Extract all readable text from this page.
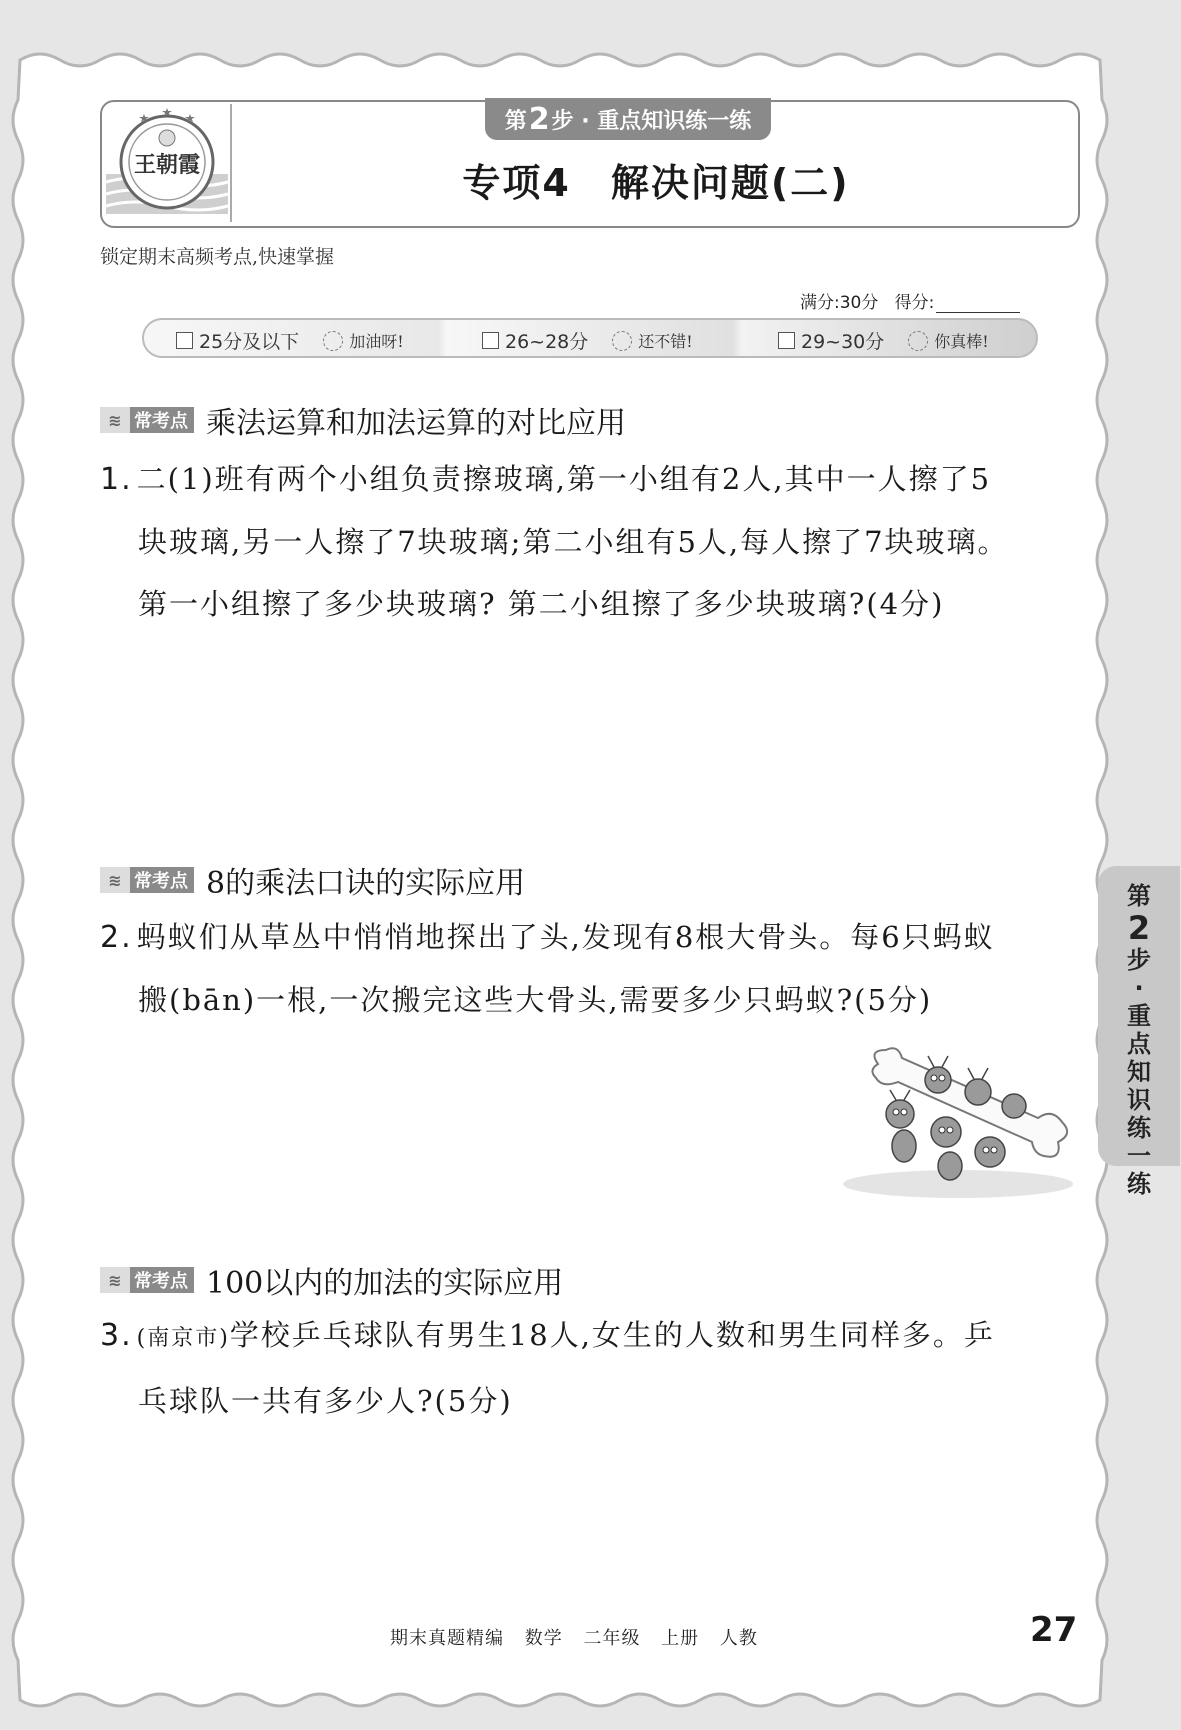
王朝霞
第 2 步 · 重点知识练一练
专项4　解决问题(二)
锁定期末高频考点,快速掌握
满分:30分 得分:
25分及以下	加油呀!	26~28分	还不错!	29~30分	你真棒!
≋ 常考点 乘法运算和加法运算的对比应用
1. 二(1)班有两个小组负责擦玻璃,第一小组有2人,其中一人擦了5
块玻璃,另一人擦了7块玻璃;第二小组有5人,每人擦了7块玻璃。
第一小组擦了多少块玻璃? 第二小组擦了多少块玻璃?(4分)
≋ 常考点 8的乘法口诀的实际应用
2. 蚂蚁们从草丛中悄悄地探出了头,发现有8根大骨头。每6只蚂蚁
搬(bān)一根,一次搬完这些大骨头,需要多少只蚂蚁?(5分)
≋ 常考点 100以内的加法的实际应用
3. (南京市)学校乒乓球队有男生18人,女生的人数和男生同样多。乒
乓球队一共有多少人?(5分)
第
2
步
·
重
点
知
识
练
一
练
期末真题精编 数学 二年级 上册 人教	27
